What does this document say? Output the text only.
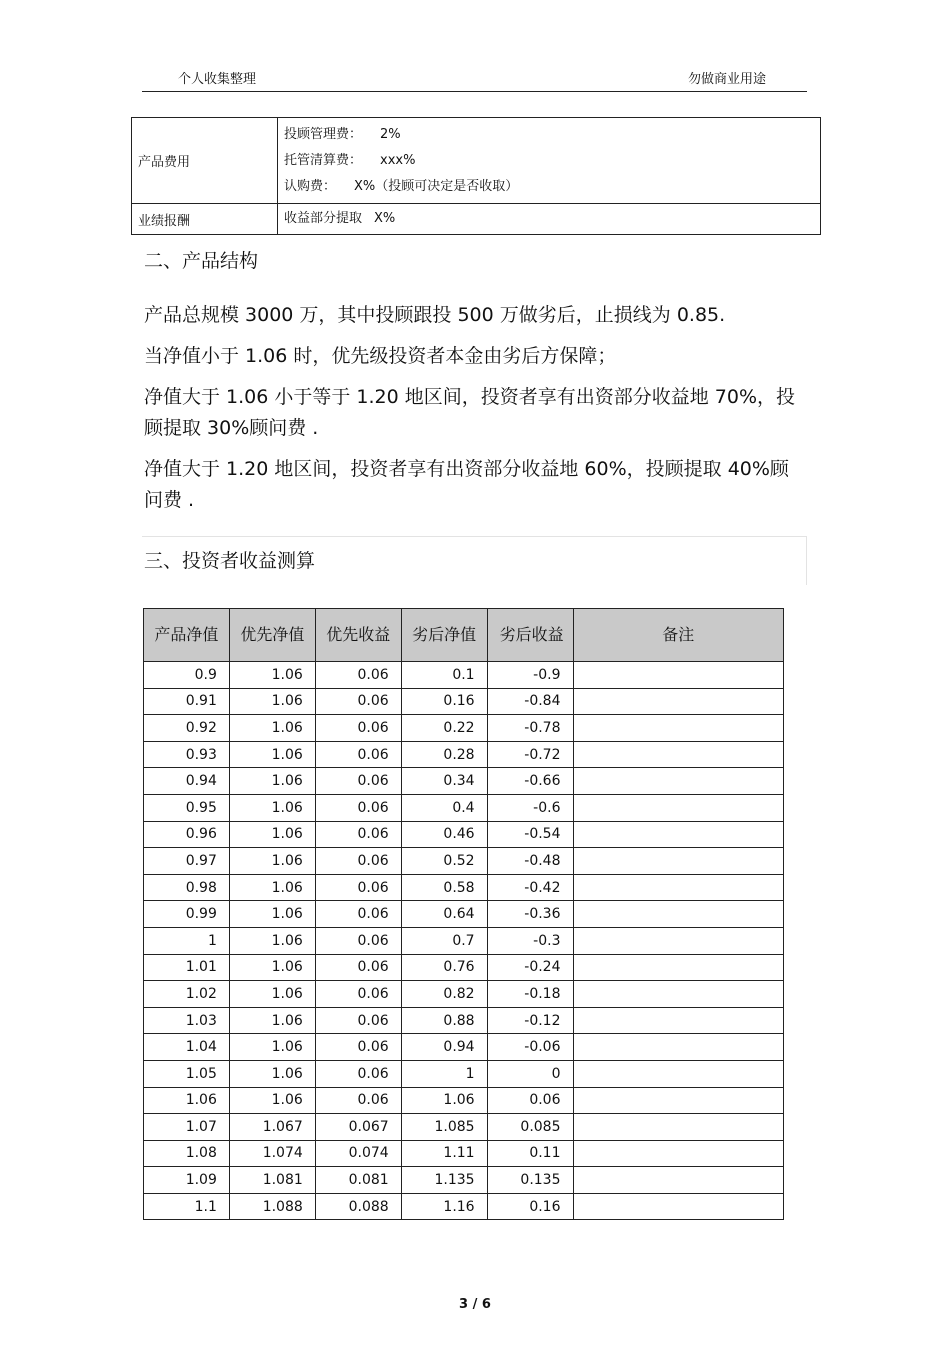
个人收集整理	勿做商业用途
产品费用	投顾管理费： 2%
托管清算费： xxx%
认购费： X%（投顾可决定是否收取）

业绩报酬	收益部分提取 X%
二、产品结构
产品总规模 3000 万，其中投顾跟投 500 万做劣后，止损线为 0.85.
当净值小于 1.06 时，优先级投资者本金由劣后方保障；
净值大于 1.06 小于等于 1.20 地区间，投资者享有出资部分收益地 70%，投顾提取 30%顾问费 .
净值大于 1.20 地区间，投资者享有出资部分收益地 60%，投顾提取 40%顾问费 .
三、投资者收益测算
产品净值	优先净值	优先收益	劣后净值	劣后收益	备注
0.9	1.06	0.06	0.1	-0.9	
0.91	1.06	0.06	0.16	-0.84	
0.92	1.06	0.06	0.22	-0.78	
0.93	1.06	0.06	0.28	-0.72	
0.94	1.06	0.06	0.34	-0.66	
0.95	1.06	0.06	0.4	-0.6	
0.96	1.06	0.06	0.46	-0.54	
0.97	1.06	0.06	0.52	-0.48	
0.98	1.06	0.06	0.58	-0.42	
0.99	1.06	0.06	0.64	-0.36	
1	1.06	0.06	0.7	-0.3	
1.01	1.06	0.06	0.76	-0.24	
1.02	1.06	0.06	0.82	-0.18	
1.03	1.06	0.06	0.88	-0.12	
1.04	1.06	0.06	0.94	-0.06	
1.05	1.06	0.06	1	0	
1.06	1.06	0.06	1.06	0.06	
1.07	1.067	0.067	1.085	0.085	
1.08	1.074	0.074	1.11	0.11	
1.09	1.081	0.081	1.135	0.135	
1.1	1.088	0.088	1.16	0.16	
3 / 6
